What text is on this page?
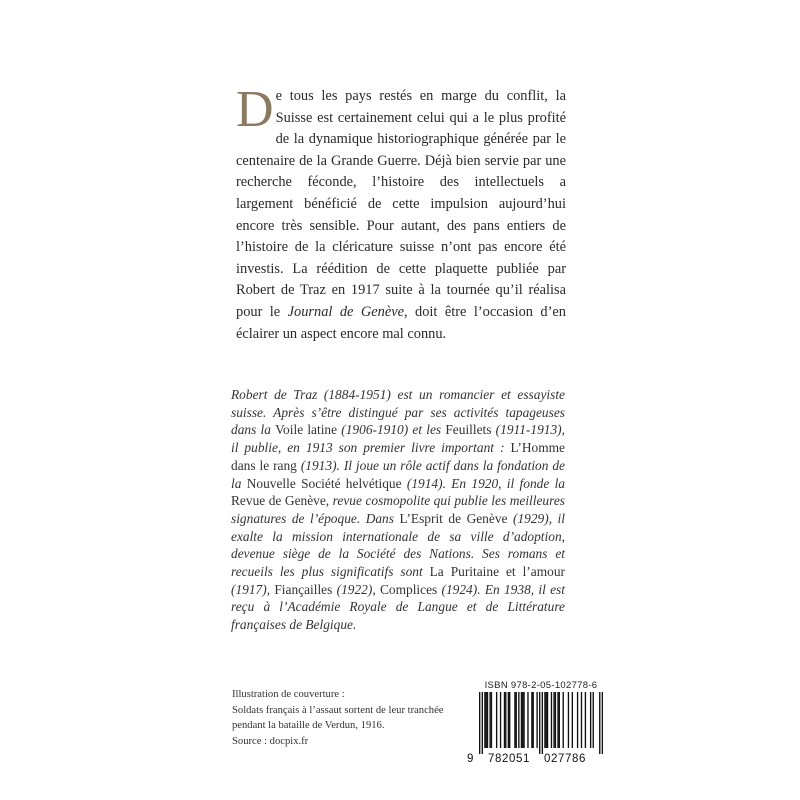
De tous les pays restés en marge du conflit, la Suisse est certainement celui qui a le plus profité de la dynamique historiographique générée par le centenaire de la Grande Guerre. Déjà bien servie par une recherche féconde, l’histoire des intellectuels a largement bénéficié de cette impulsion aujourd’hui encore très sensible. Pour autant, des pans entiers de l’histoire de la cléricature suisse n’ont pas encore été investis. La réédition de cette plaquette publiée par Robert de Traz en 1917 suite à la tournée qu’il réalisa pour le Journal de Genève, doit être l’occasion d’en éclairer un aspect encore mal connu.
Robert de Traz (1884-1951) est un romancier et essayiste suisse. Après s’être distingué par ses activités tapageuses dans la Voile latine (1906-1910) et les Feuillets (1911-1913), il publie, en 1913 son premier livre important : L’Homme dans le rang (1913). Il joue un rôle actif dans la fondation de la Nouvelle Société helvétique (1914). En 1920, il fonde la Revue de Genève, revue cosmopolite qui publie les meilleures signatures de l’époque. Dans L’Esprit de Genève (1929), il exalte la mission internationale de sa ville d’adoption, devenue siège de la Société des Nations. Ses romans et recueils les plus significatifs sont La Puritaine et l’amour (1917), Fiançailles (1922), Complices (1924). En 1938, il est reçu à l’Académie Royale de Langue et de Littérature françaises de Belgique.
Illustration de couverture :
Soldats français à l’assaut sortent de leur tranchée
pendant la bataille de Verdun, 1916.
Source : docpix.fr
ISBN 978-2-05-102778-6
9 782051 027786
